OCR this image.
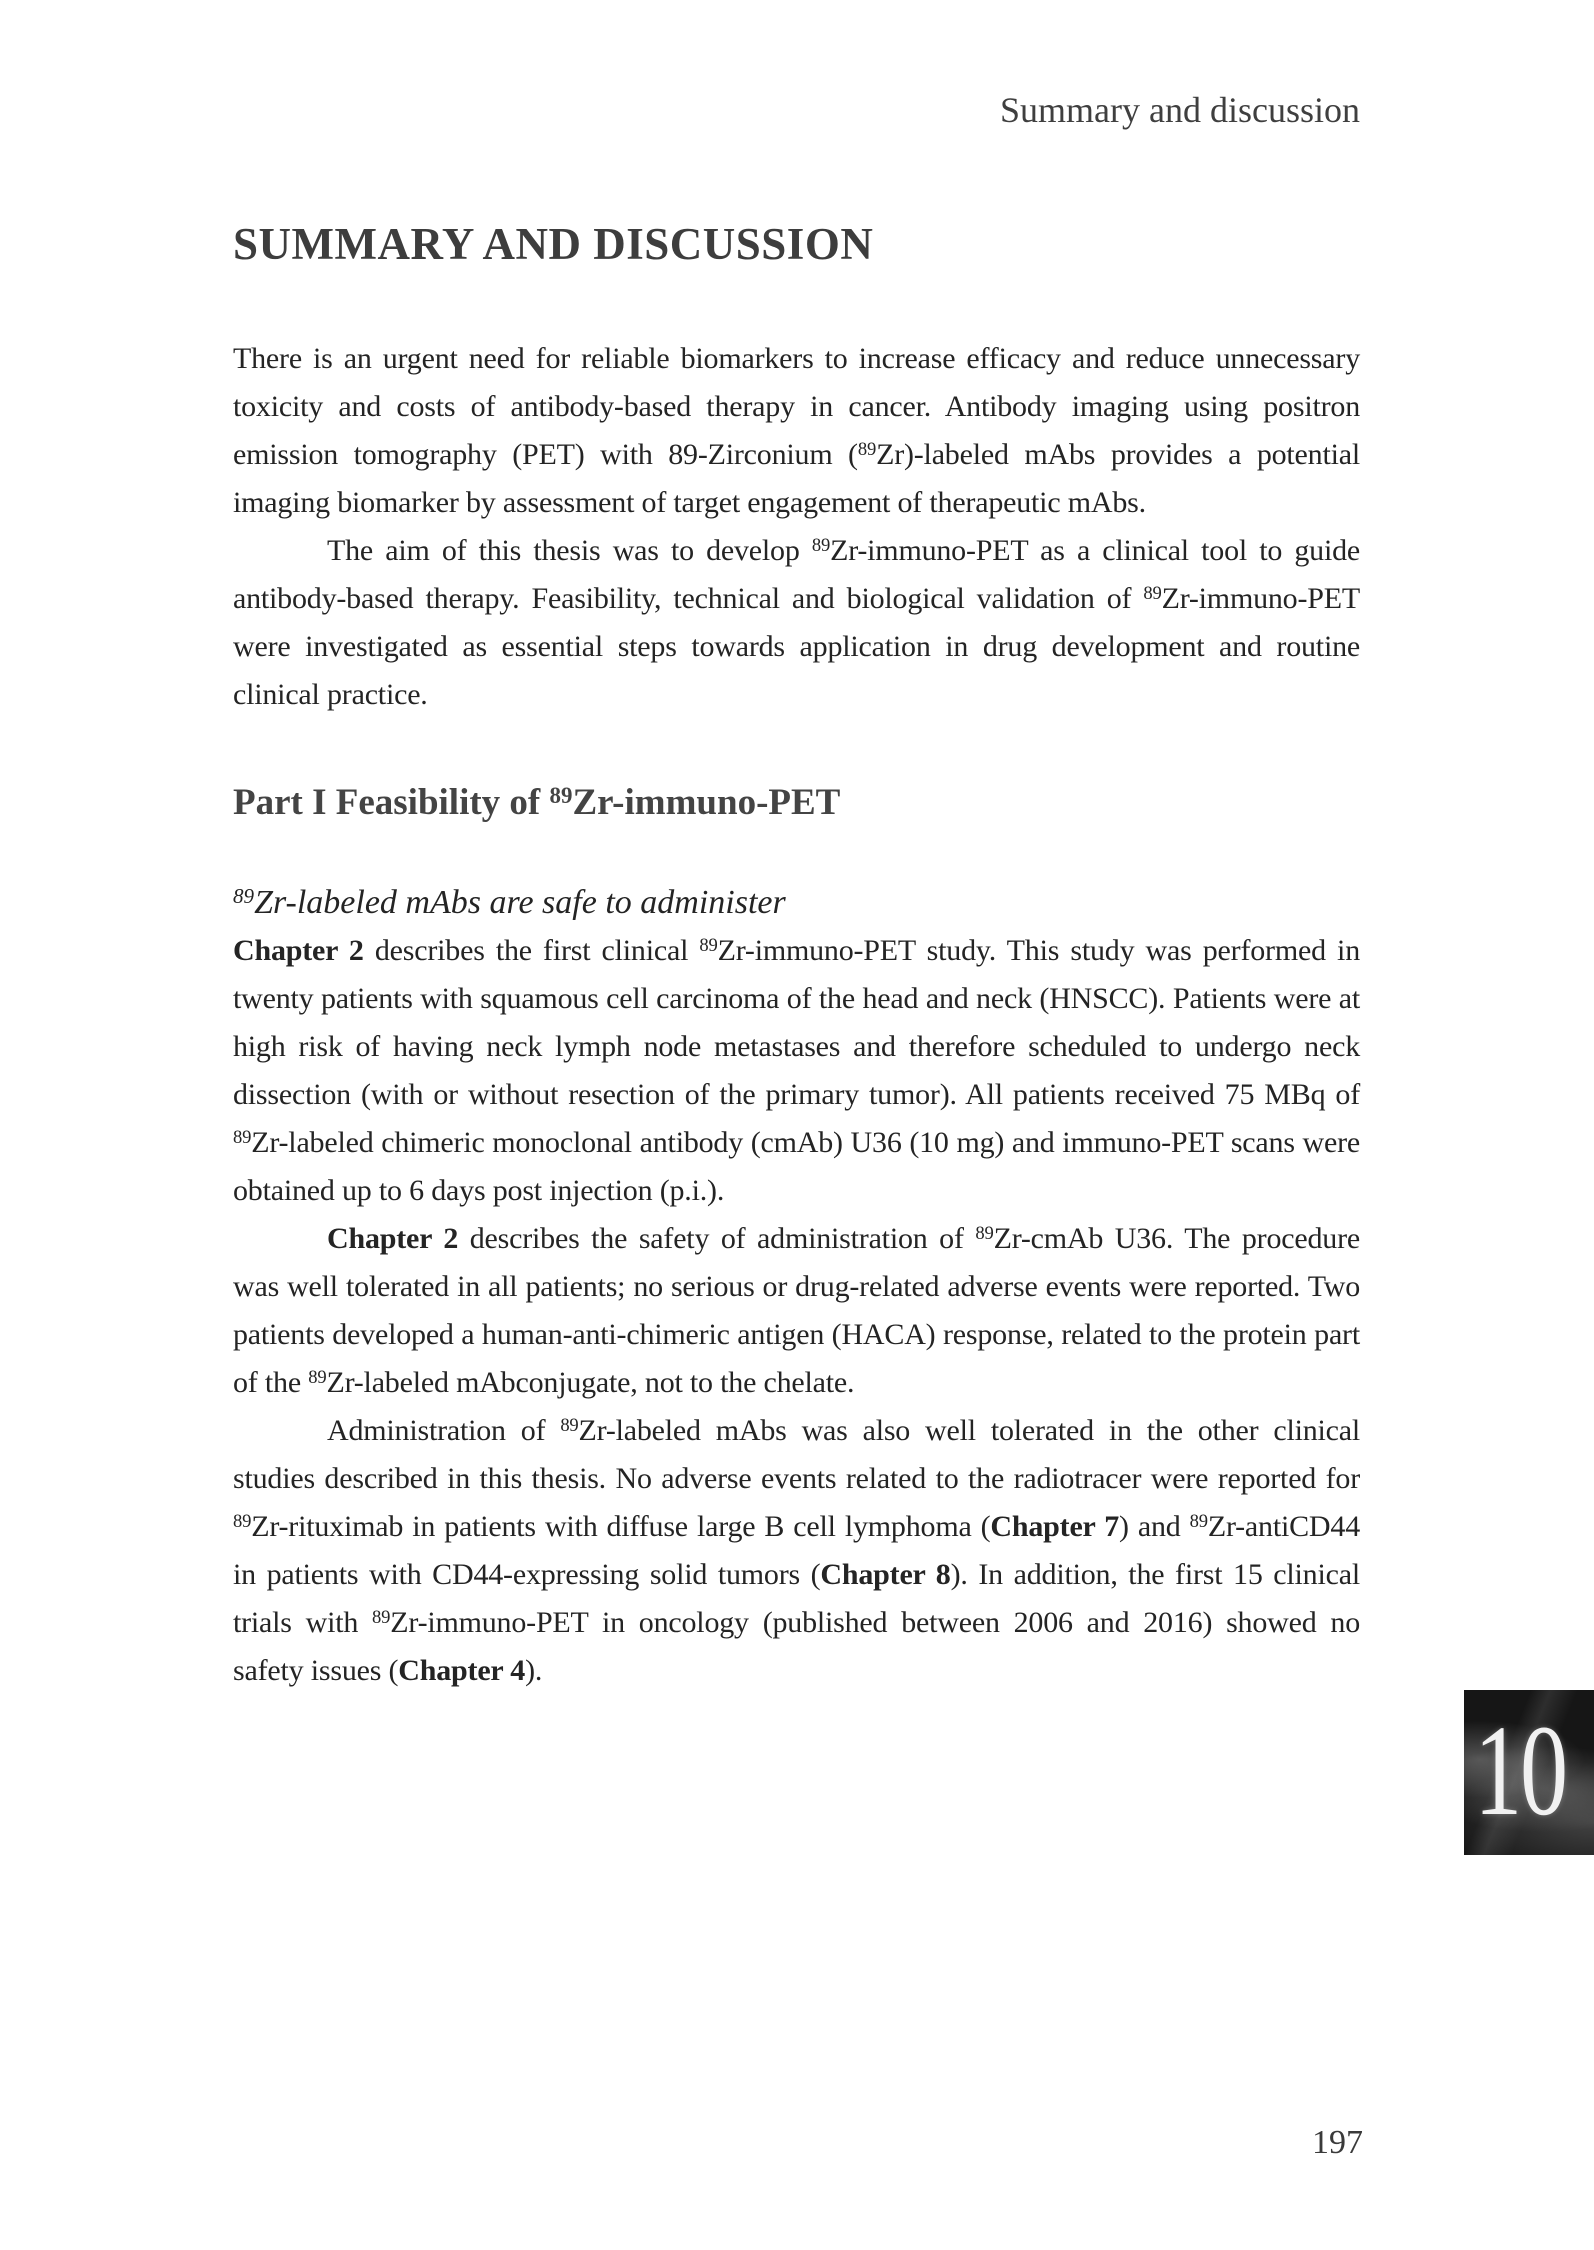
Summary and discussion
SUMMARY AND DISCUSSION

There is an urgent need for reliable biomarkers to increase efficacy and reduce unnecessary toxicity and costs of antibody-based therapy in cancer. Antibody imaging using positron emission tomography (PET) with 89-Zirconium ($^{89}$Zr)-labeled mAbs provides a potential imaging biomarker by assessment of target engagement of therapeutic mAbs.

The aim of this thesis was to develop $^{89}$Zr-immuno-PET as a clinical tool to guide antibody-based therapy. Feasibility, technical and biological validation of $^{89}$Zr-immuno-PET were investigated as essential steps towards application in drug development and routine clinical practice.

Part I Feasibility of $^{89}$Zr-immuno-PET
$^{89}$Zr-labeled mAbs are safe to administer

Chapter 2 describes the first clinical $^{89}$Zr-immuno-PET study. This study was performed in twenty patients with squamous cell carcinoma of the head and neck (HNSCC). Patients were at high risk of having neck lymph node metastases and therefore scheduled to undergo neck dissection (with or without resection of the primary tumor). All patients received 75 MBq of $^{89}$Zr-labeled chimeric monoclonal antibody (cmAb) U36 (10 mg) and immuno-PET scans were obtained up to 6 days post injection (p.i.).

Chapter 2 describes the safety of administration of $^{89}$Zr-cmAb U36. The procedure was well tolerated in all patients; no serious or drug-related adverse events were reported. Two patients developed a human-anti-chimeric antigen (HACA) response, related to the protein part of the $^{89}$Zr-labeled mAbconjugate, not to the chelate.

Administration of $^{89}$Zr-labeled mAbs was also well tolerated in the other clinical studies described in this thesis. No adverse events related to the radiotracer were reported for $^{89}$Zr-rituximab in patients with diffuse large B cell lymphoma (Chapter 7) and $^{89}$Zr-antiCD44 in patients with CD44-expressing solid tumors (Chapter 8). In addition, the first 15 clinical trials with $^{89}$Zr-immuno-PET in oncology (published between 2006 and 2016) showed no safety issues (Chapter 4).

10
197
